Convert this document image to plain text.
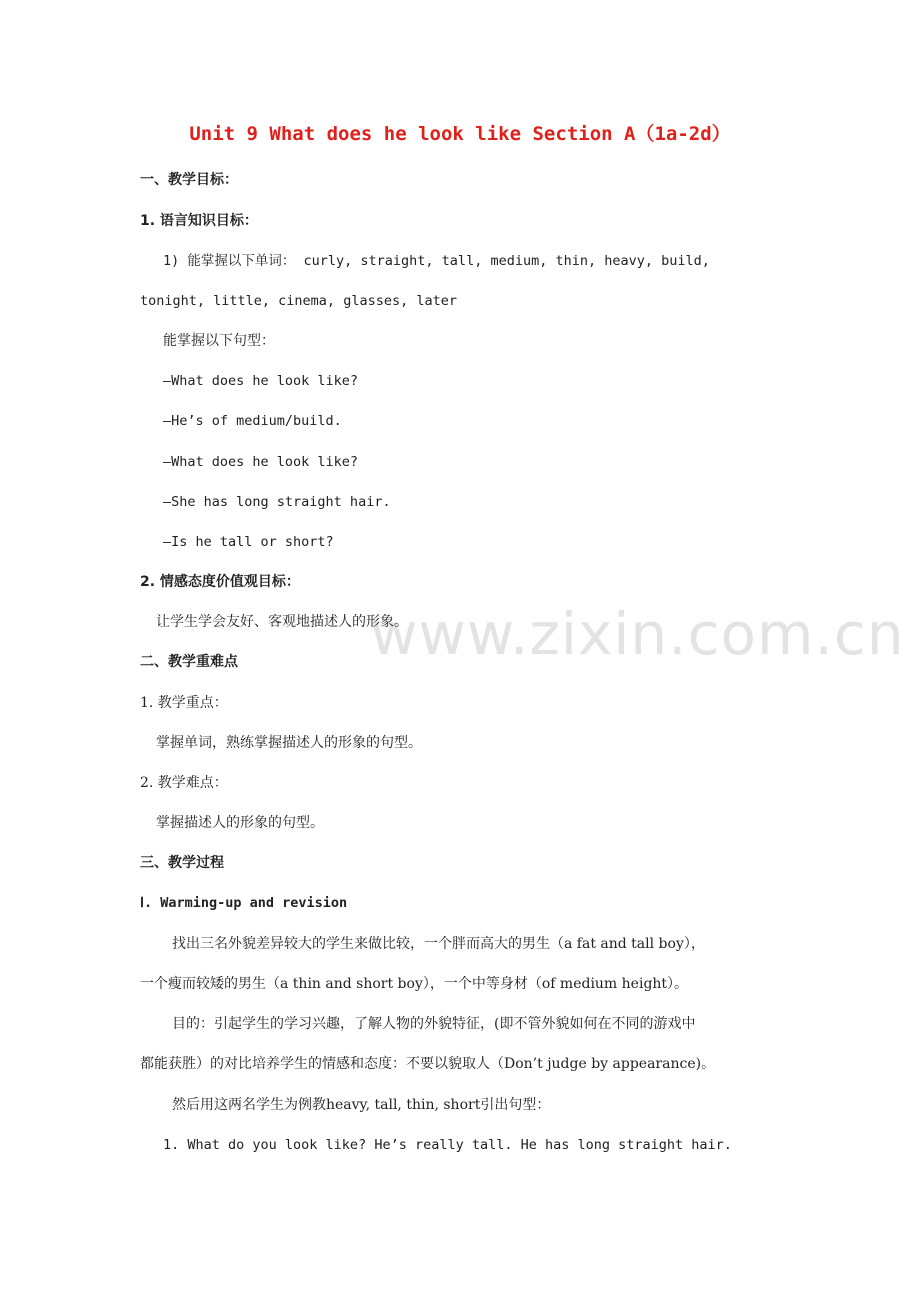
www.zixin.com.cn
Unit 9 What does he look like Section A（1a-2d）
一、教学目标：
1. 语言知识目标：
1) 能掌握以下单词： curly, straight, tall, medium, thin, heavy, build,
tonight, little, cinema, glasses, later
能掌握以下句型：
—What does he look like?
—He’s of medium/build.
—What does he look like?
—She has long straight hair.
—Is he tall or short?
2. 情感态度价值观目标：
让学生学会友好、客观地描述人的形象。
二、教学重难点
1. 教学重点：
掌握单词，熟练掌握描述人的形象的句型。
2. 教学难点：
掌握描述人的形象的句型。
三、教学过程
Ⅰ. Warming-up and revision
找出三名外貌差异较大的学生来做比较，一个胖而高大的男生（a fat and tall boy），
一个瘦而较矮的男生（a thin and short boy），一个中等身材（of medium height）。
目的：引起学生的学习兴趣，了解人物的外貌特征，(即不管外貌如何在不同的游戏中
都能获胜）的对比培养学生的情感和态度：不要以貌取人（Don’t judge by appearance)。
然后用这两名学生为例教heavy, tall, thin, short引出句型：
1. What do you look like? He’s really tall. He has long straight hair.
